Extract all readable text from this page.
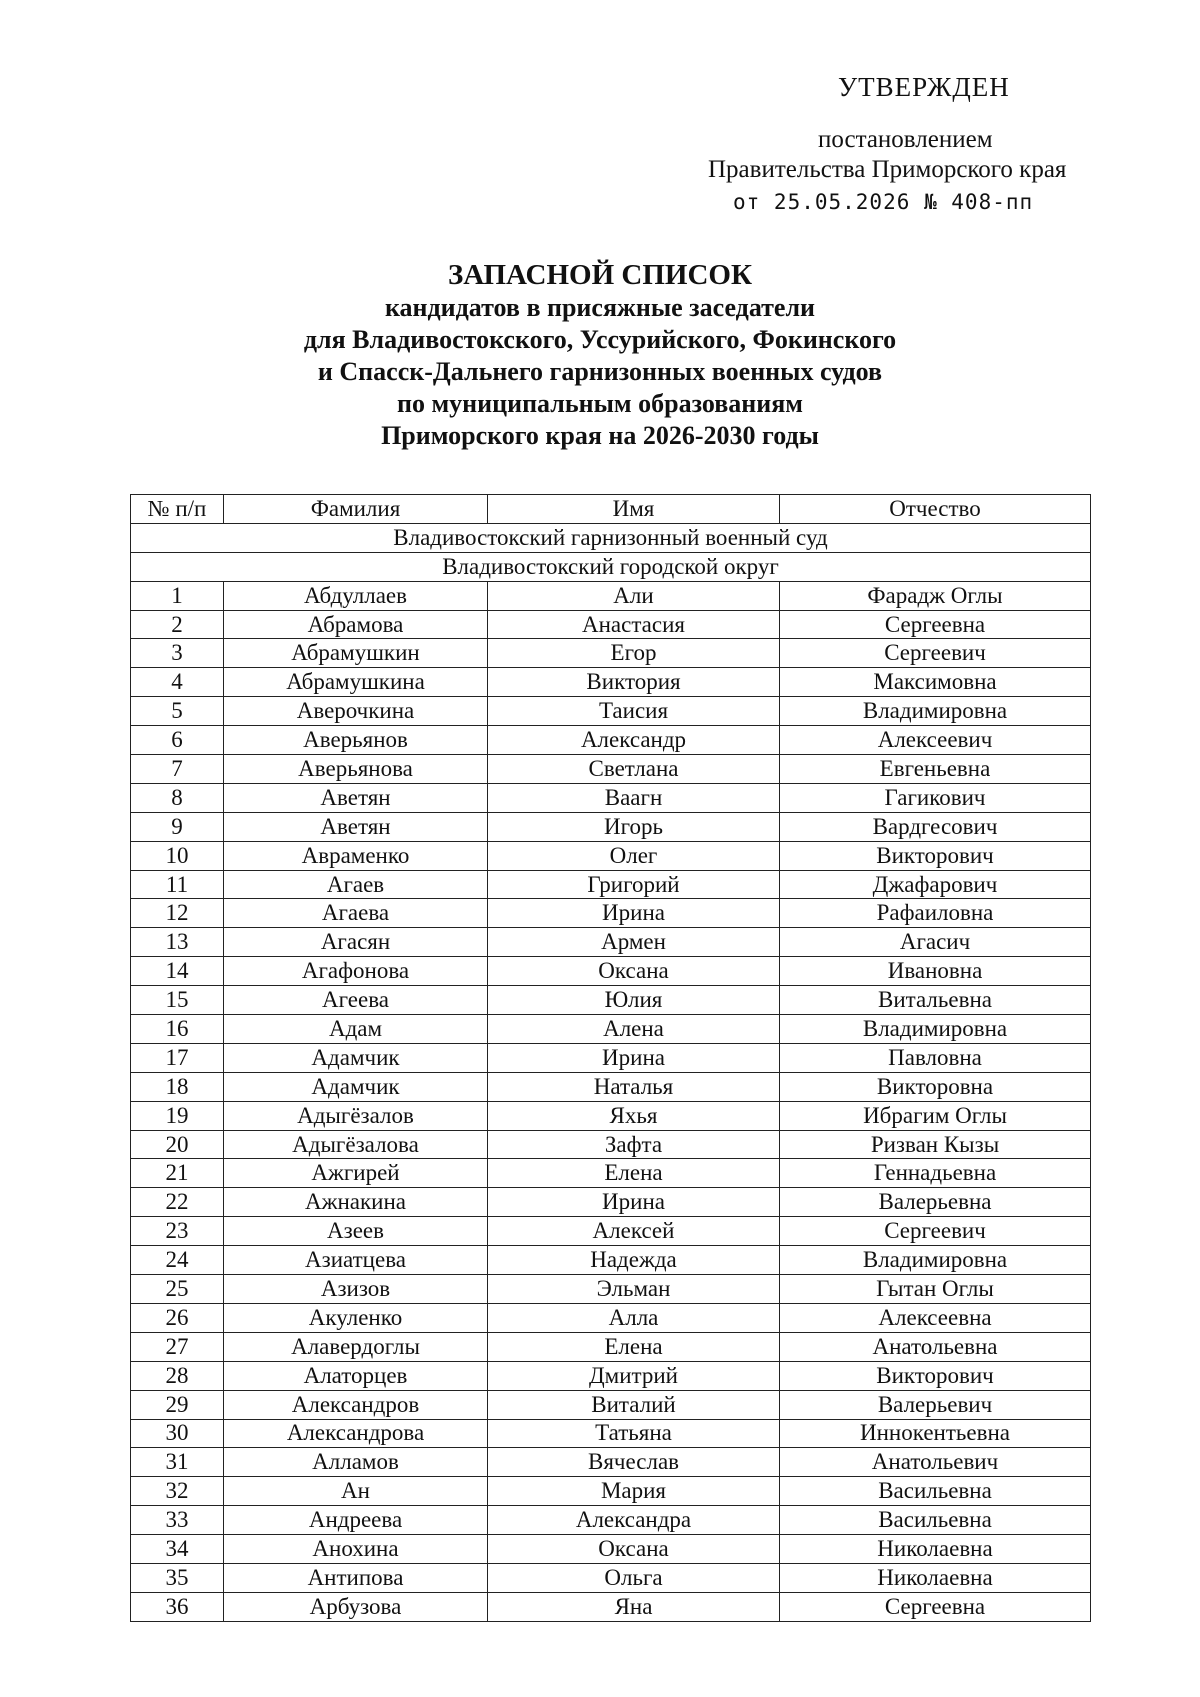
УТВЕРЖДЕН
постановлением
Правительства Приморского края
от 25.05.2026 № 408-пп
ЗАПАСНОЙ СПИСОК
кандидатов в присяжные заседатели
для Владивостокского, Уссурийского, Фокинского
и Спасск-Дальнего гарнизонных военных судов
по муниципальным образованиям
Приморского края на 2026-2030 годы
№ п/п	Фамилия	Имя	Отчество
Владивостокский гарнизонный военный суд			
Владивостокский городской округ			
1	Абдуллаев	Али	Фарадж Оглы
2	Абрамова	Анастасия	Сергеевна
3	Абрамушкин	Егор	Сергеевич
4	Абрамушкина	Виктория	Максимовна
5	Аверочкина	Таисия	Владимировна
6	Аверьянов	Александр	Алексеевич
7	Аверьянова	Светлана	Евгеньевна
8	Аветян	Ваагн	Гагикович
9	Аветян	Игорь	Вардгесович
10	Авраменко	Олег	Викторович
11	Агаев	Григорий	Джафарович
12	Агаева	Ирина	Рафаиловна
13	Агасян	Армен	Агасич
14	Агафонова	Оксана	Ивановна
15	Агеева	Юлия	Витальевна
16	Адам	Алена	Владимировна
17	Адамчик	Ирина	Павловна
18	Адамчик	Наталья	Викторовна
19	Адыгёзалов	Яхья	Ибрагим Оглы
20	Адыгёзалова	Зафта	Ризван Кызы
21	Ажгирей	Елена	Геннадьевна
22	Ажнакина	Ирина	Валерьевна
23	Азеев	Алексей	Сергеевич
24	Азиатцева	Надежда	Владимировна
25	Азизов	Эльман	Гытан Оглы
26	Акуленко	Алла	Алексеевна
27	Алавердоглы	Елена	Анатольевна
28	Алаторцев	Дмитрий	Викторович
29	Александров	Виталий	Валерьевич
30	Александрова	Татьяна	Иннокентьевна
31	Алламов	Вячеслав	Анатольевич
32	Ан	Мария	Васильевна
33	Андреева	Александра	Васильевна
34	Анохина	Оксана	Николаевна
35	Антипова	Ольга	Николаевна
36	Арбузова	Яна	Сергеевна
